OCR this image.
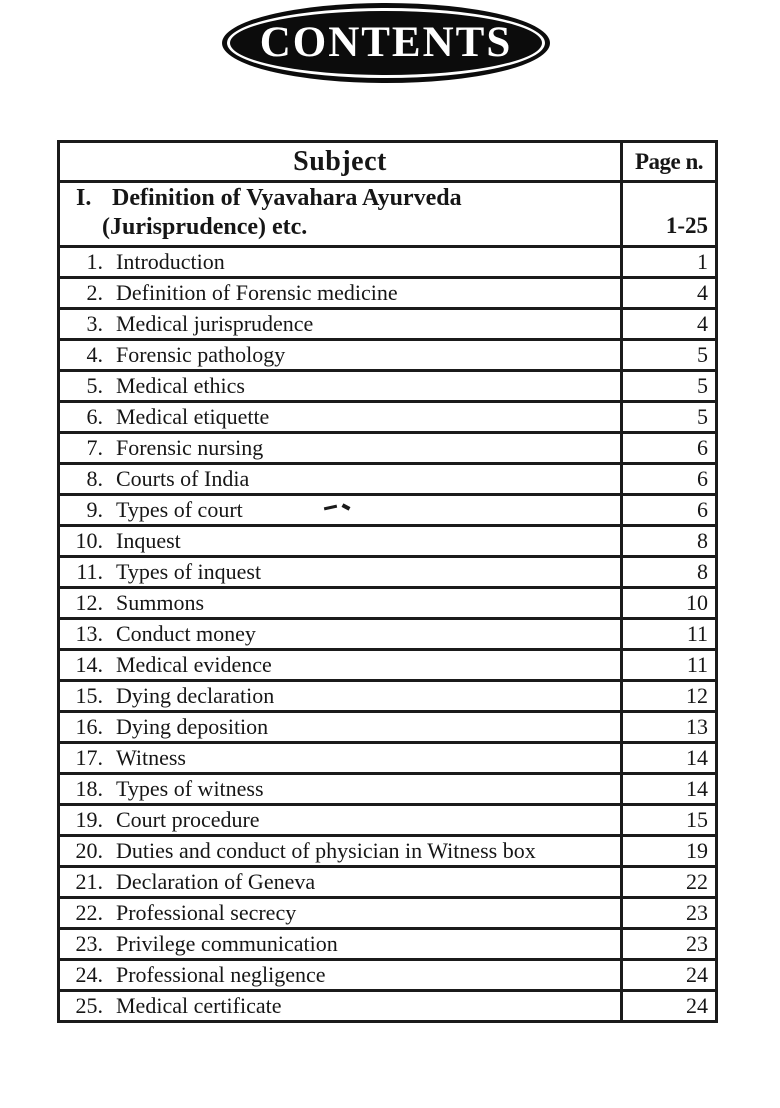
CONTENTS
Subject	Page n.

I. Definition of Vyavahara Ayurveda
(Jurisprudence) etc.	1-25
1. Introduction	1
2. Definition of Forensic medicine	4
3. Medical jurisprudence	4
4. Forensic pathology	5
5. Medical ethics	5
6. Medical etiquette	5
7. Forensic nursing	6
8. Courts of India	6
9. Types of court	6
10. Inquest	8
11. Types of inquest	8
12. Summons	10
13. Conduct money	11
14. Medical evidence	11
15. Dying declaration	12
16. Dying deposition	13
17. Witness	14
18. Types of witness	14
19. Court procedure	15
20. Duties and conduct of physician in Witness box	19
21. Declaration of Geneva	22
22. Professional secrecy	23
23. Privilege communication	23
24. Professional negligence	24
25. Medical certificate	24
